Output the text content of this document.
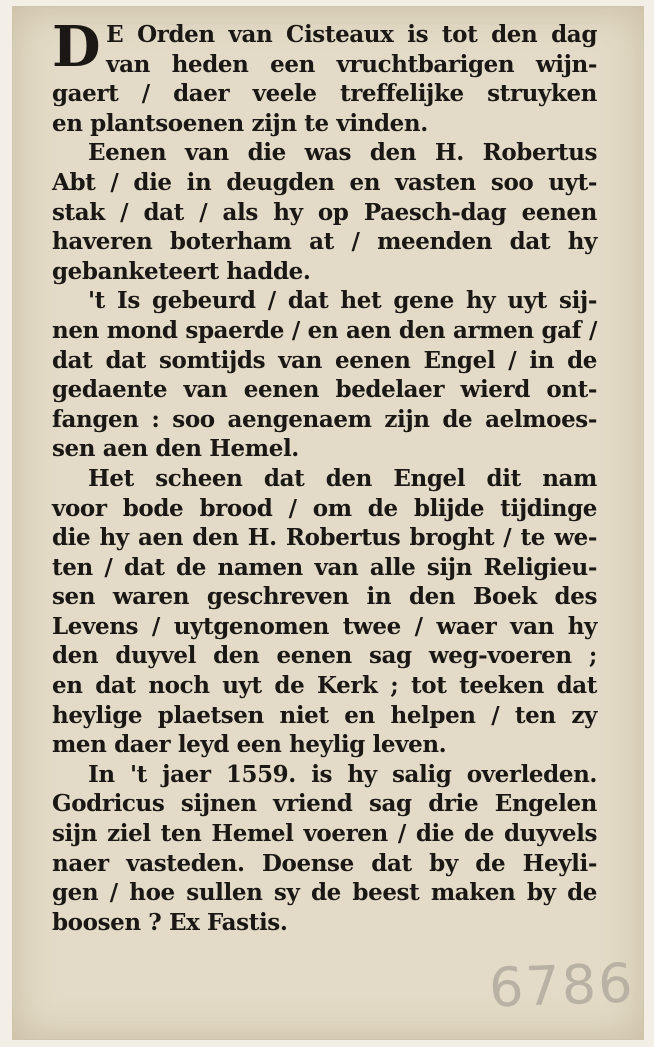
D E Orden van Cisteaux is tot den dag
van heden een vruchtbarigen wijn-
gaert / daer veele treffelijke struyken
en plantsoenen zijn te vinden.
Eenen van die was den H. Robertus
Abt / die in deugden en vasten soo uyt-
stak / dat / als hy op Paesch-dag eenen
haveren boterham at / meenden dat hy
gebanketeert hadde.
't Is gebeurd / dat het gene hy uyt sij-
nen mond spaerde / en aen den armen gaf /
dat dat somtijds van eenen Engel / in de
gedaente van eenen bedelaer wierd ont-
fangen : soo aengenaem zijn de aelmoes-
sen aen den Hemel.
Het scheen dat den Engel dit nam
voor bode brood / om de blijde tijdinge
die hy aen den H. Robertus broght / te we-
ten / dat de namen van alle sijn Religieu-
sen waren geschreven in den Boek des
Levens / uytgenomen twee / waer van hy
den duyvel den eenen sag weg-voeren ;
en dat noch uyt de Kerk ; tot teeken dat
heylige plaetsen niet en helpen / ten zy
men daer leyd een heylig leven.
In 't jaer 1559. is hy salig overleden.
Godricus sijnen vriend sag drie Engelen
sijn ziel ten Hemel voeren / die de duyvels
naer vasteden. Doense dat by de Heyli-
gen / hoe sullen sy de beest maken by de
boosen ? Ex Fastis.
6786
